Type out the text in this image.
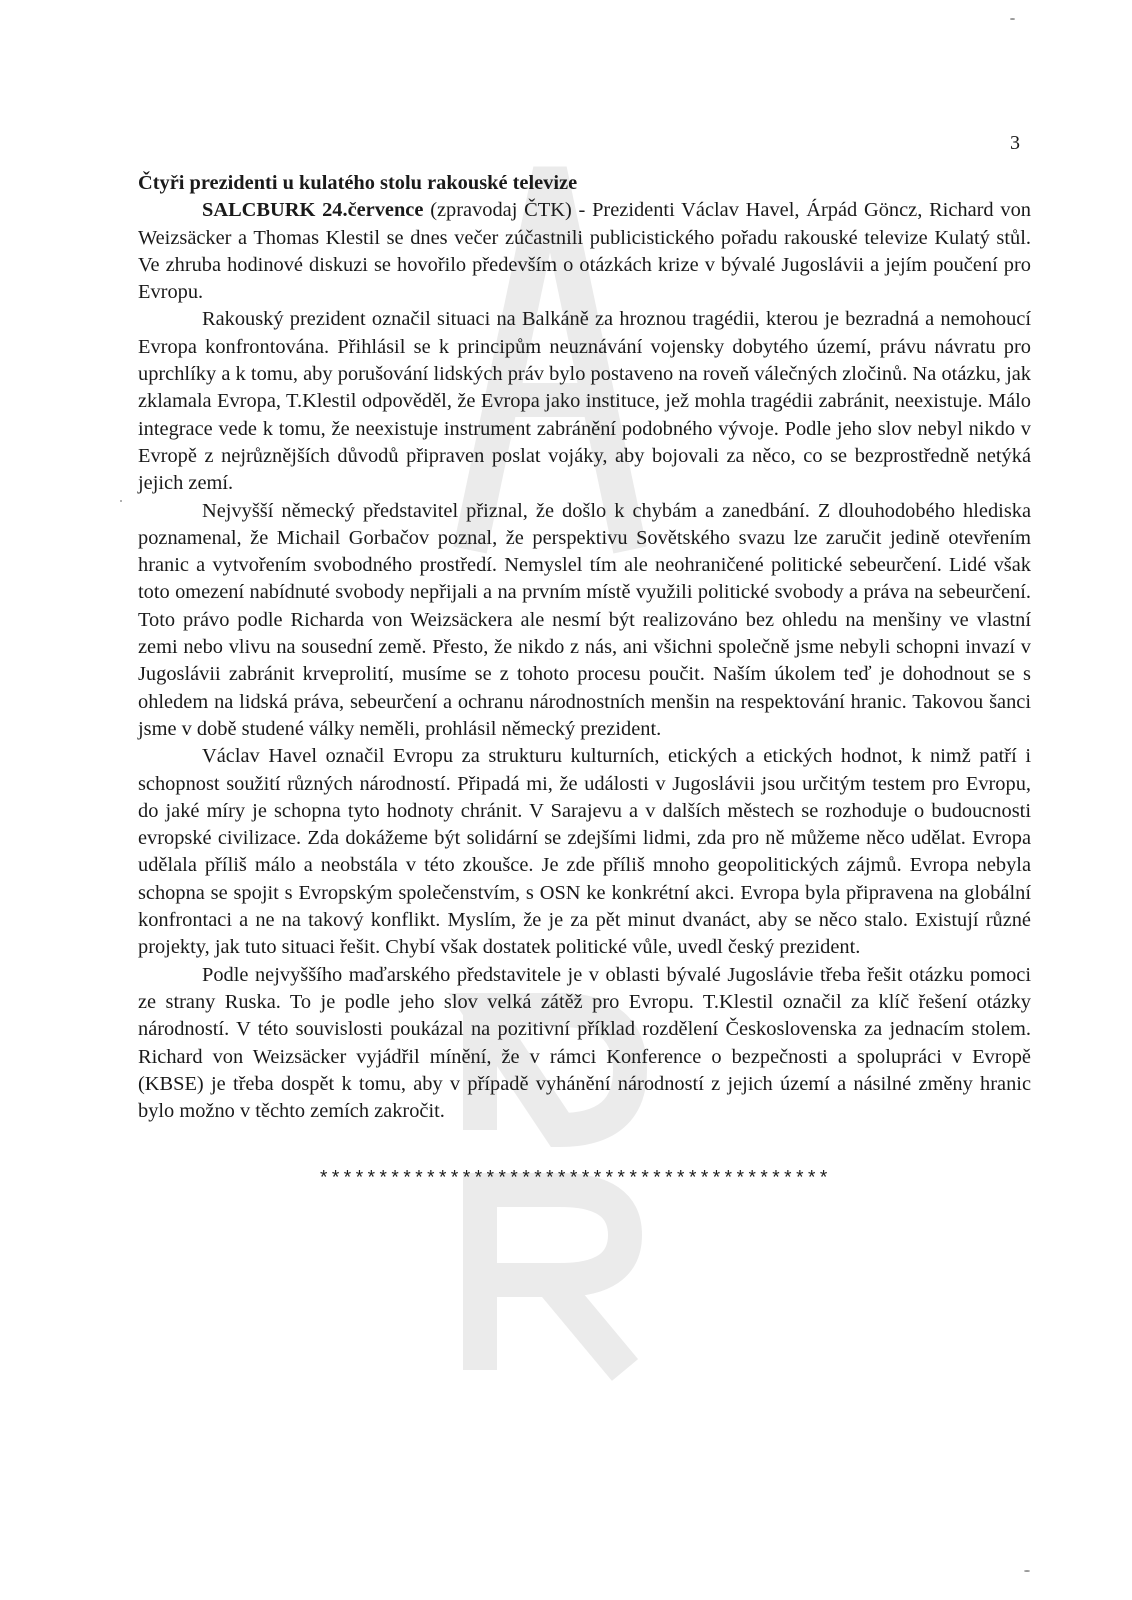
3

Čtyři prezidenti u kulatého stolu rakouské televize

SALCBURK 24.července (zpravodaj ČTK) - Prezidenti Václav Havel, Árpád Göncz, Richard von Weizsäcker a Thomas Klestil se dnes večer zúčastnili publicistického pořadu rakouské televize Kulatý stůl. Ve zhruba hodinové diskuzi se hovořilo především o otázkách krize v bývalé Jugoslávii a jejím poučení pro Evropu.

Rakouský prezident označil situaci na Balkáně za hroznou tragédii, kterou je bezradná a nemohoucí Evropa konfrontována. Přihlásil se k principům neuznávání vojensky dobytého území, právu návratu pro uprchlíky a k tomu, aby porušování lidských práv bylo postaveno na roveň válečných zločinů. Na otázku, jak zklamala Evropa, T.Klestil odpověděl, že Evropa jako instituce, jež mohla tragédii zabránit, neexistuje. Málo integrace vede k tomu, že neexistuje instrument zabránění podobného vývoje. Podle jeho slov nebyl nikdo v Evropě z nejrůznějších důvodů připraven poslat vojáky, aby bojovali za něco, co se bezprostředně netýká jejich zemí.

Nejvyšší německý představitel přiznal, že došlo k chybám a zanedbání. Z dlouhodobého hlediska poznamenal, že Michail Gorbačov poznal, že perspektivu Sovětského svazu lze zaručit jedině otevřením hranic a vytvořením svobodného prostředí. Nemyslel tím ale neohraničené politické sebeurčení. Lidé však toto omezení nabídnuté svobody nepřijali a na prvním místě využili politické svobody a práva na sebeurčení. Toto právo podle Richarda von Weizsäckera ale nesmí být realizováno bez ohledu na menšiny ve vlastní zemi nebo vlivu na sousední země. Přesto, že nikdo z nás, ani všichni společně jsme nebyli schopni invazí v Jugoslávii zabránit krveprolití, musíme se z tohoto procesu poučit. Naším úkolem teď je dohodnout se s ohledem na lidská práva, sebeurčení a ochranu národnostních menšin na respektování hranic. Takovou šanci jsme v době studené války neměli, prohlásil německý prezident.

Václav Havel označil Evropu za strukturu kulturních, etických a etických hodnot, k nimž patří i schopnost soužití různých národností. Připadá mi, že události v Jugoslávii jsou určitým testem pro Evropu, do jaké míry je schopna tyto hodnoty chránit. V Sarajevu a v dalších městech se rozhoduje o budoucnosti evropské civilizace. Zda dokážeme být solidární se zdejšími lidmi, zda pro ně můžeme něco udělat. Evropa udělala příliš málo a neobstála v této zkoušce. Je zde příliš mnoho geopolitických zájmů. Evropa nebyla schopna se spojit s Evropským společenstvím, s OSN ke konkrétní akci. Evropa byla připravena na globální konfrontaci a ne na takový konflikt. Myslím, že je za pět minut dvanáct, aby se něco stalo. Existují různé projekty, jak tuto situaci řešit. Chybí však dostatek politické vůle, uvedl český prezident.

Podle nejvyššího maďarského představitele je v oblasti bývalé Jugoslávie třeba řešit otázku pomoci ze strany Ruska. To je podle jeho slov velká zátěž pro Evropu. T.Klestil označil za klíč řešení otázky národností. V této souvislosti poukázal na pozitivní příklad rozdělení Československa za jednacím stolem. Richard von Weizsäcker vyjádřil mínění, že v rámci Konference o bezpečnosti a spolupráci v Evropě (KBSE) je třeba dospět k tomu, aby v případě vyhánění národností z jejich území a násilné změny hranic bylo možno v těchto zemích zakročit.

*******************************************
